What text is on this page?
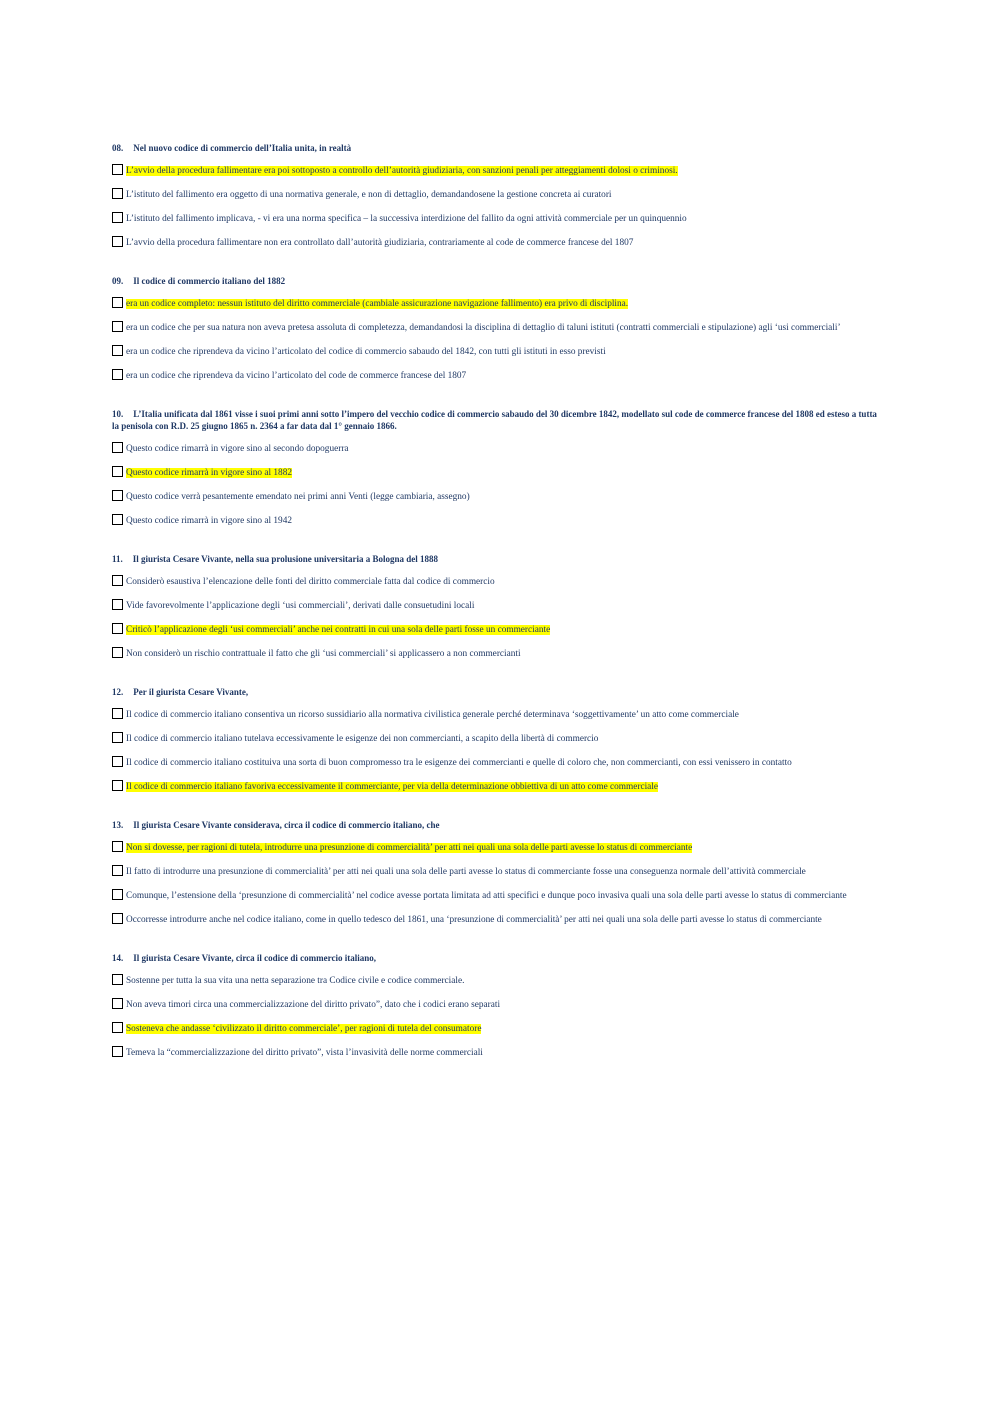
08. Nel nuovo codice di commercio dell’Italia unita, in realtà
L’avvio della procedura fallimentare era poi sottoposto a controllo dell’autorità giudiziaria, con sanzioni penali per atteggiamenti dolosi o criminosi.
L’istituto del fallimento era oggetto di una normativa generale, e non di dettaglio, demandandosene la gestione concreta ai curatori
L’istituto del fallimento implicava, - vi era una norma specifica – la successiva interdizione del fallito da ogni attività commerciale per un quinquennio
L’avvio della procedura fallimentare non era controllato dall’autorità giudiziaria, contrariamente al code de commerce francese del 1807
09. Il codice di commercio italiano del 1882
era un codice completo: nessun istituto del diritto commerciale (cambiale assicurazione navigazione fallimento) era privo di disciplina.
era un codice che per sua natura non aveva pretesa assoluta di completezza, demandandosi la disciplina di dettaglio di taluni istituti (contratti commerciali e stipulazione) agli ‘usi commerciali’
era un codice che riprendeva da vicino l’articolato del codice di commercio sabaudo del 1842, con tutti gli istituti in esso previsti
era un codice che riprendeva da vicino l’articolato del code de commerce francese del 1807
10. L’Italia unificata dal 1861 visse i suoi primi anni sotto l’impero del vecchio codice di commercio sabaudo del 30 dicembre 1842, modellato sul code de commerce francese del 1808 ed esteso a tutta la penisola con R.D. 25 giugno 1865 n. 2364 a far data dal 1° gennaio 1866.
Questo codice rimarrà in vigore sino al secondo dopoguerra
Questo codice rimarrà in vigore sino al 1882
Questo codice verrà pesantemente emendato nei primi anni Venti (legge cambiaria, assegno)
Questo codice rimarrà in vigore sino al 1942
11. Il giurista Cesare Vivante, nella sua prolusione universitaria a Bologna del 1888
Considerò esaustiva l’elencazione delle fonti del diritto commerciale fatta dal codice di commercio
Vide favorevolmente l’applicazione degli ‘usi commerciali’, derivati dalle consuetudini locali
Criticò l’applicazione degli ‘usi commerciali’ anche nei contratti in cui una sola delle parti fosse un commerciante
Non considerò un rischio contrattuale il fatto che gli ‘usi commerciali’ si applicassero a non commercianti
12. Per il giurista Cesare Vivante,
Il codice di commercio italiano consentiva un ricorso sussidiario alla normativa civilistica generale perché determinava ‘soggettivamente’ un atto come commerciale
Il codice di commercio italiano tutelava eccessivamente le esigenze dei non commercianti, a scapito della libertà di commercio
Il codice di commercio italiano costituiva una sorta di buon compromesso tra le esigenze dei commercianti e quelle di coloro che, non commercianti, con essi venissero in contatto
Il codice di commercio italiano favoriva eccessivamente il commerciante, per via della determinazione obbiettiva di un atto come commerciale
13. Il giurista Cesare Vivante considerava, circa il codice di commercio italiano, che
Non si dovesse, per ragioni di tutela, introdurre una presunzione di commercialità’ per atti nei quali una sola delle parti avesse lo status di commerciante
Il fatto di introdurre una presunzione di commercialità’ per atti nei quali una sola delle parti avesse lo status di commerciante fosse una conseguenza normale dell’attività commerciale
Comunque, l’estensione della ‘presunzione di commercialità’ nel codice avesse portata limitata ad atti specifici e dunque poco invasiva quali una sola delle parti avesse lo status di commerciante
Occorresse introdurre anche nel codice italiano, come in quello tedesco del 1861, una ‘presunzione di commercialità’ per atti nei quali una sola delle parti avesse lo status di commerciante
14. Il giurista Cesare Vivante, circa il codice di commercio italiano,
Sostenne per tutta la sua vita una netta separazione tra Codice civile e codice commerciale.
Non aveva timori circa una commercializzazione del diritto privato”, dato che i codici erano separati
Sosteneva che andasse ‘civilizzato il diritto commerciale’, per ragioni di tutela del consumatore
Temeva la “commercializzazione del diritto privato”, vista l’invasività delle norme commerciali
